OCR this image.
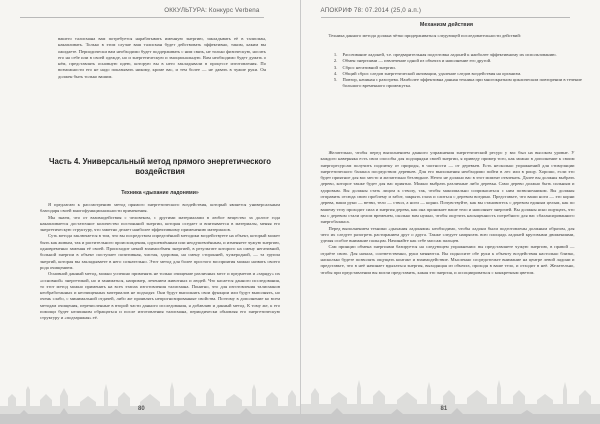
ОККУЛЬТУРА: Конкурс Verbena

вашего талисмана вам потребуется нарабатывать именную энергию, закладывать её в талисман, накапливать. Только в этом случае ваш талисман будет действовать эффективно, таким, каким вы ожидаете. Периодически вам необходимо будет поддерживать с ним связь, не только физическую, носить его на себе или в своей одежде, но и энергетическую и эмоциональную. Вам необходимо будет думать о нём, представлять основную идею, которую вы в него закладывали в процессе изготовления. По возможности его не надо показывать никому, кроме вас, и тем более — не давать в чужие руки. Он должен быть только вашим.

Часть 4. Универсальный метод прямого энергетического воздействия
Техника «дыхание ладонями»

Я предлагаю к рассмотрению метод прямого энергетического воздействия, который является универсальным благодаря своей многофункциональности применения.

Мы знаем, что от взаимодействия с человеком, с другими материалами в любое вещество за долгое года накапливается достаточное количество постоянной энергии, которая оседает и впитывается в материалы, меняя его энергетическую структуру, что заметно делает наиболее эффективному применению материалов.

Суть метода заключается в том, что вы посредством определённой методики воздействуете на объект, который может быть как живым, так и растительного происхождения, одушевлённым или неодушевлённым, и изменяете чужую энергию, одновременно заменяя её своей. Происходит некий взаимообмен энергией, в результате которого на смену негативной, больной энергии в объект поступает позитивная, чистая, здоровая, на смену сторонней, чужеродной, — та группа энергий, которая вы закладываете в него сознательно. Этот метод для более простого восприятия можно назвать своего рода очищением.

Основной данный метод, можно успешно применять не только очищение различных мест и предметов и «заряду» их «основной» энергетикой, но и заниматься, например, лечением животных и людей. Что касается данного исследования, то этот метод можно применять на всех этапах изготовления талисмана. Понятно, что для изготовления талисманов необработанных и неочищенных материалов не подходят. Они будут выполнять свои функции или будут выполнять, но очень слабо, с минимальной отдачей, либо же проявлять непрогнозированные свойства. Поэтому в дополнение ко всем методам очищения, перечисленные в второй части данного исследования, я добавляю и данный метод. К тому же, к его помощи будет нелишним обращаться и после изготовления талисмана, периодически обновляя его энергетическую структуру и «подзаряжая» её.

80
АПОКРИФ 78: 07.2014 (25,0 а.п.)
Механизм действия

Техника данного метода должна чётко придерживаться следующей последовательности действий:

1. Рассеивание ладоней, т.е. предварительная подготовка ладоней к наиболее эффективному их использованию.
2. Обмен энергиями — извлечение одной из объекта и наполнение его другой.
3. Сброс негативной энергии.
4. Общий сброс следов энергетической активации, удаление следов воздействия на организм.
5. Повтор, начиная с разогрева. Наиболее эффективна данная техника при многократном циклическом повторении в течение большого временного промежутка.

Желательно, чтобы перед выполнением данного упражнения энергетический ресурс у вас был на высоком уровне. У каждого наверняка есть свои способы для подзарядки своей энергии, я приведу пример того, как можно в дополнение к своим энергоресурсам получить подпитку от природы, в частности — от деревьев. Есть несколько упражнений для стимуляции энергетического баланса посредством деревьев. Для его выполнения необходимо пойти в лес или в рощу. Хорошо, если это будет приятное для вас место и желательно безлюдное. Нечто не должно вас в этот момент отвлекать. Далее вы должны выбрать дерево, которое также будет для вас приятно. Можно выбрать различные либо деревья. Само дерево должно быть сильным и здоровым. Вы должны стать лицом к стволу, так, чтобы максимально соприкасаться с ним позвоночником. Вы должны отправить отсюда свою проблему и забот, закрыть глаза и слиться с деревом воедино. Представьте, что ваши ноги — это корни дерева, ваши руки — ветви, тело — ствол, а ноги — корни. Почувствуйте, как вы становитесь с деревом единым целым, как по вашему телу проходит сила и энергия дерева, как она проникает ваше тело и наполняет энергией. Вы должны ясно ощущать, что вы с деревом стали целом временем, сколько вам нужно, чтобы ощутить насыщенность потребного для вас сбалансированного энергобаланса.

Перед выполнением техники «дыхания ладонями» необходимо, чтобы ладони были подготовлены должным образом, для чего их следует разогреть растиранием друг о друга. Также следует напрягать всю площадь ладоней круговыми движениями, уделяя особое внимание пальцам. Начинайте как себе массаж пальцев.

Сам принцип обмена энергиями базируется на следующем упражнении: вы представляете чужую энергию, в правой — отдаёте свою. Для начала, соответственно, руки меняются. Вы подносите обе руки к объекту воздействия настолько близко, насколько будете позволять ощущать контакт и взаимодействие. Мысленно сосредоточьте внимание на центре левой ладони и представьте, что в неё начинает вдыхаться энергия, выходящая из объекта, проходя в ваше тело, и отходит в неё. Желательно, чтобы при представлении вы могли представить, какая это энергия, и ассоциироваться с конкретным цветом.

81
